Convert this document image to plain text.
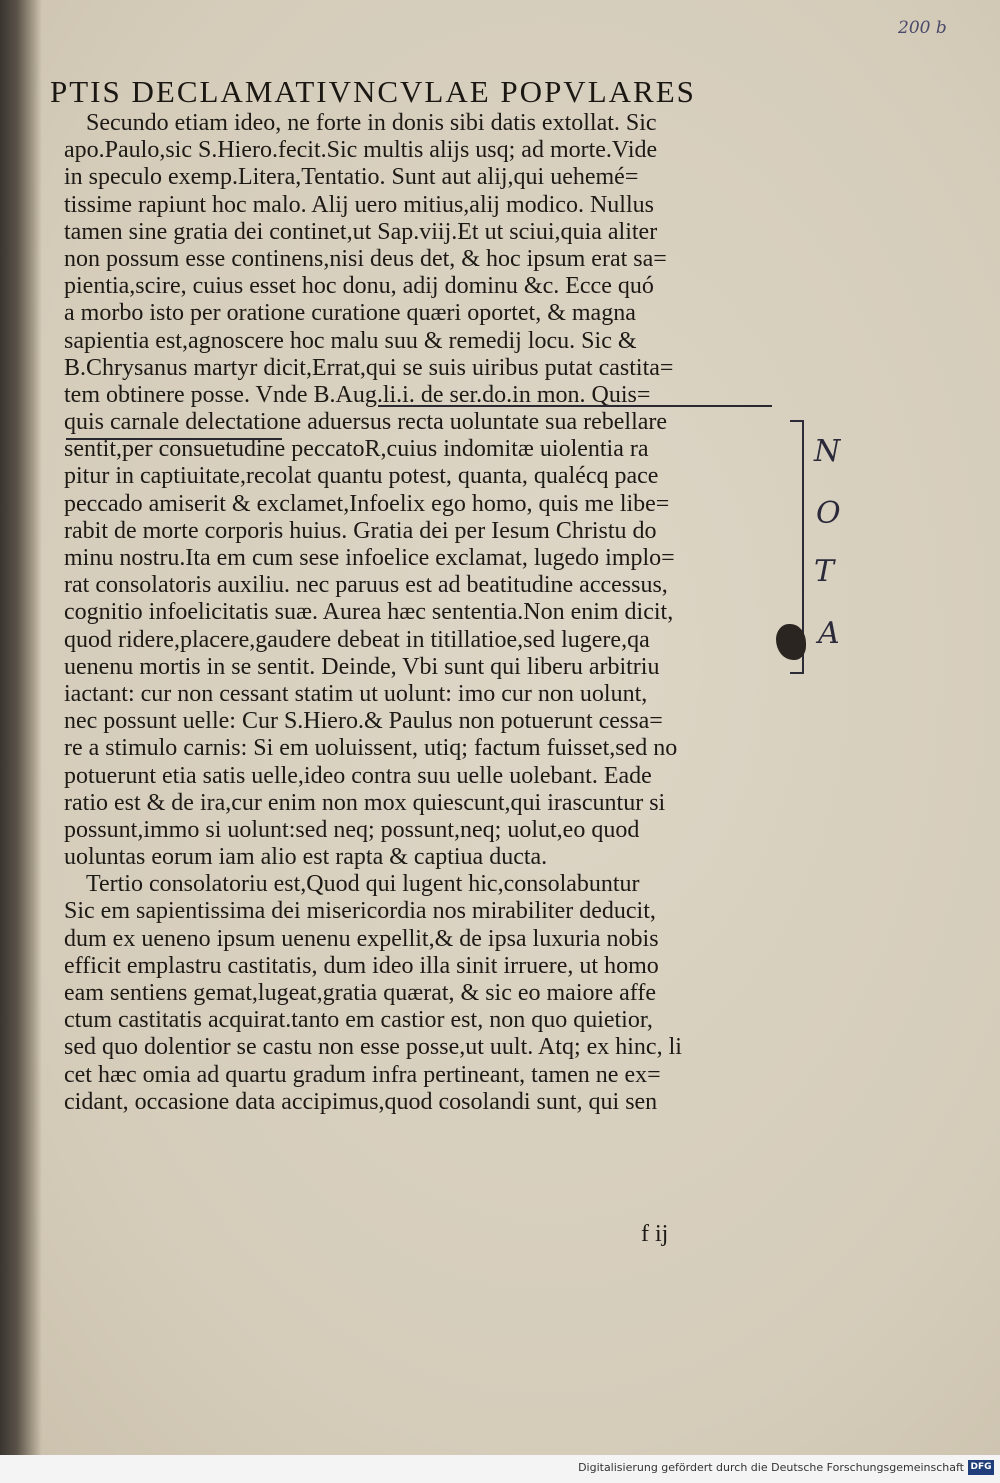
200 b
PTIS DECLAMATIVNCVLAE POPVLARES
Secundo etiam ideo, ne forte in donis sibi datis extollat. Sic
apo.Paulo,sic S.Hiero.fecit.Sic multis alijs usq; ad morte.Vide
in speculo exemp.Litera,Tentatio. Sunt aut alij,qui uehemé=
tissime rapiunt hoc malo. Alij uero mitius,alij modico. Nullus
tamen sine gratia dei continet,ut Sap.viij.Et ut sciui,quia aliter
non possum esse continens,nisi deus det, & hoc ipsum erat sa=
pientia,scire, cuius esset hoc donu, adij dominu &c. Ecce quó
a morbo isto per oratione curatione quæri oportet, & magna
sapientia est,agnoscere hoc malu suu & remedij locu. Sic &
B.Chrysanus martyr dicit,Errat,qui se suis uiribus putat castita=
tem obtinere posse. Vnde B.Aug.li.i. de ser.do.in mon. Quis=
quis carnale delectatione aduersus recta uoluntate sua rebellare
sentit,per consuetudine peccatoR,cuius indomitæ uiolentia ra
pitur in captiuitate,recolat quantu potest, quanta, qualécq pace
peccado amiserit & exclamet,Infoelix ego homo, quis me libe=
rabit de morte corporis huius. Gratia dei per Iesum Christu do
minu nostru.Ita em cum sese infoelice exclamat, lugedo implo=
rat consolatoris auxiliu. nec paruus est ad beatitudine accessus,
cognitio infoelicitatis suæ. Aurea hæc sententia.Non enim dicit,
quod ridere,placere,gaudere debeat in titillatioe,sed lugere,qa
uenenu mortis in se sentit. Deinde, Vbi sunt qui liberu arbitriu
iactant: cur non cessant statim ut uolunt: imo cur non uolunt,
nec possunt uelle: Cur S.Hiero.& Paulus non potuerunt cessa=
re a stimulo carnis: Si em uoluissent, utiq; factum fuisset,sed no
potuerunt etia satis uelle,ideo contra suu uelle uolebant. Eade
ratio est & de ira,cur enim non mox quiescunt,qui irascuntur si
possunt,immo si uolunt:sed neq; possunt,neq; uolut,eo quod
uoluntas eorum iam alio est rapta & captiua ducta.
Tertio consolatoriu est,Quod qui lugent hic,consolabuntur
Sic em sapientissima dei misericordia nos mirabiliter deducit,
dum ex ueneno ipsum uenenu expellit,& de ipsa luxuria nobis
efficit emplastru castitatis, dum ideo illa sinit irruere, ut homo
eam sentiens gemat,lugeat,gratia quærat, & sic eo maiore affe
ctum castitatis acquirat.tanto em castior est, non quo quietior,
sed quo dolentior se castu non esse posse,ut uult. Atq; ex hinc, li
cet hæc omia ad quartu gradum infra pertineant, tamen ne ex=
cidant, occasione data accipimus,quod cosolandi sunt, qui sen
N
O
T
A
f ij
Digitalisierung gefördert durch die Deutsche Forschungsgemeinschaft DFG
